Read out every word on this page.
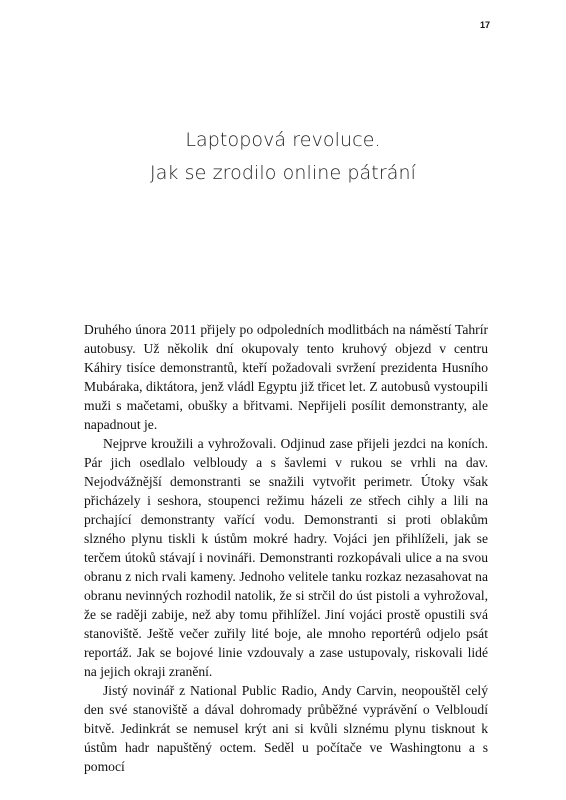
17
Laptopová revoluce.
Jak se zrodilo online pátrání

Druhého února 2011 přijely po odpoledních modlitbách na náměstí Tahrír autobusy. Už několik dní okupovaly tento kruhový objezd v centru Káhiry tisíce demonstrantů, kteří požadovali svržení prezidenta Husního Mubáraka, diktátora, jenž vládl Egyptu již třicet let. Z autobusů vystoupili muži s mačetami, obušky a břitvami. Nepřijeli posílit demonstranty, ale napadnout je.

Nejprve kroužili a vyhrožovali. Odjinud zase přijeli jezdci na koních. Pár jich osedlalo velbloudy a s šavlemi v rukou se vrhli na dav. Nejodvážnější demonstranti se snažili vytvořit perimetr. Útoky však přicházely i seshora, stoupenci režimu házeli ze střech cihly a lili na prchající demonstranty vařící vodu. Demonstranti si proti oblakům slzného plynu tiskli k ústům mokré hadry. Vojáci jen přihlíželi, jak se terčem útoků stávají i novináři. Demonstranti rozkopávali ulice a na svou obranu z nich rvali kameny. Jednoho velitele tanku rozkaz nezasahovat na obranu nevinných rozhodil natolik, že si strčil do úst pistoli a vyhrožoval, že se raději zabije, než aby tomu přihlížel. Jiní vojáci prostě opustili svá stanoviště. Ještě večer zuřily lité boje, ale mnoho reportérů odjelo psát reportáž. Jak se bojové linie vzdouvaly a zase ustupovaly, riskovali lidé na jejich okraji zranění.

Jistý novinář z National Public Radio, Andy Carvin, neopouštěl celý den své stanoviště a dával dohromady průběžné vyprávění o Velbloudí bitvě. Jedinkrát se nemusel krýt ani si kvůli slznému plynu tisknout k ústům hadr napuštěný octem. Seděl u počítače ve Washingtonu a s pomocí
